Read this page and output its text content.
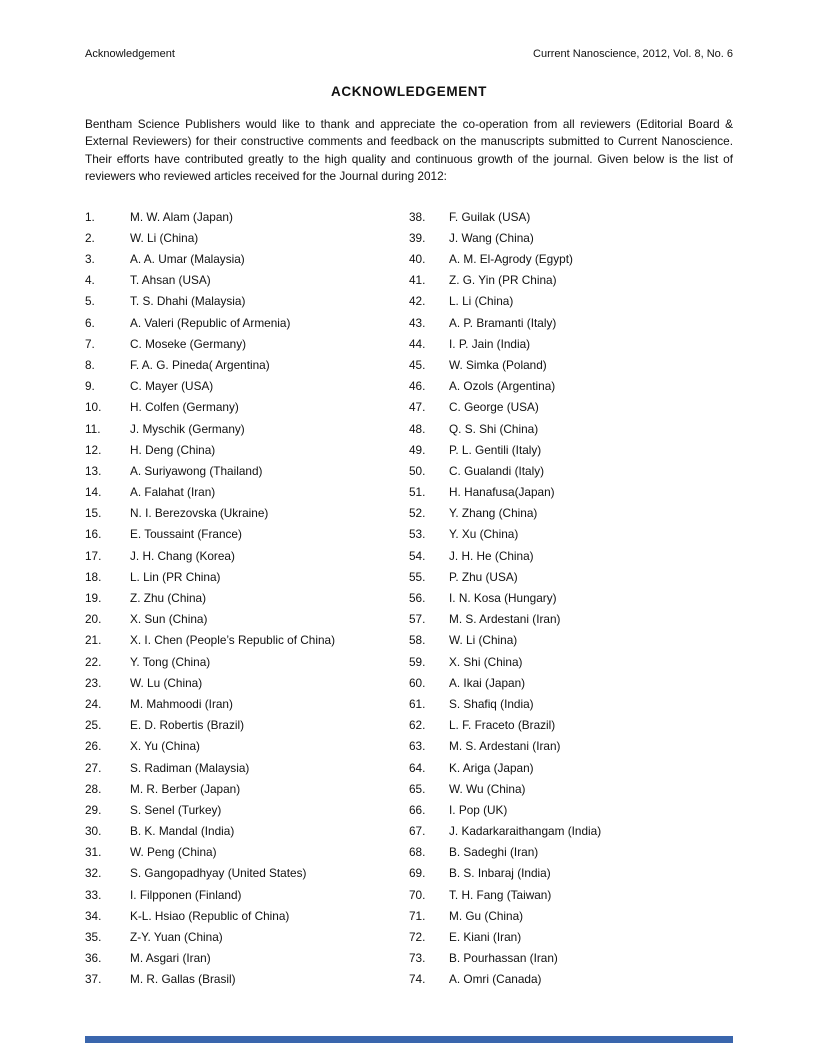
Acknowledgement	Current Nanoscience, 2012, Vol. 8, No. 6
ACKNOWLEDGEMENT

Bentham Science Publishers would like to thank and appreciate the co-operation from all reviewers (Editorial Board & External Reviewers) for their constructive comments and feedback on the manuscripts submitted to Current Nanoscience. Their efforts have contributed greatly to the high quality and continuous growth of the journal. Given below is the list of reviewers who reviewed articles received for the Journal during 2012:

1.	M. W. Alam (Japan)
2.	W. Li (China)
3.	A. A. Umar (Malaysia)
4.	T. Ahsan (USA)
5.	T. S. Dhahi (Malaysia)
6.	A. Valeri (Republic of Armenia)
7.	C. Moseke (Germany)
8.	F. A. G. Pineda( Argentina)
9.	C. Mayer (USA)
10.	H. Colfen (Germany)
11.	J. Myschik (Germany)
12.	H. Deng (China)
13.	A. Suriyawong (Thailand)
14.	A. Falahat (Iran)
15.	N. I. Berezovska (Ukraine)
16.	E. Toussaint (France)
17.	J. H. Chang (Korea)
18.	L. Lin (PR China)
19.	Z. Zhu (China)
20.	X. Sun (China)
21.	X. I. Chen (People’s Republic of China)
22.	Y. Tong (China)
23.	W. Lu (China)
24.	M. Mahmoodi (Iran)
25.	E. D. Robertis (Brazil)
26.	X. Yu (China)
27.	S. Radiman (Malaysia)
28.	M. R. Berber (Japan)
29.	S. Senel (Turkey)
30.	B. K. Mandal (India)
31.	W. Peng (China)
32.	S. Gangopadhyay (United States)
33.	I. Filpponen (Finland)
34.	K-L. Hsiao (Republic of China)
35.	Z-Y. Yuan (China)
36.	M. Asgari (Iran)
37.	M. R. Gallas (Brasil)
38.	F. Guilak (USA)
39.	J. Wang (China)
40.	A. M. El-Agrody (Egypt)
41.	Z. G. Yin (PR China)
42.	L. Li (China)
43.	A. P. Bramanti (Italy)
44.	I. P. Jain (India)
45.	W. Simka (Poland)
46.	A. Ozols (Argentina)
47.	C. George (USA)
48.	Q. S. Shi (China)
49.	P. L. Gentili (Italy)
50.	C. Gualandi (Italy)
51.	H. Hanafusa(Japan)
52.	Y. Zhang (China)
53.	Y. Xu (China)
54.	J. H. He (China)
55.	P. Zhu (USA)
56.	I. N. Kosa (Hungary)
57.	M. S. Ardestani (Iran)
58.	W. Li (China)
59.	X. Shi (China)
60.	A. Ikai (Japan)
61.	S. Shafiq (India)
62.	L. F. Fraceto (Brazil)
63.	M. S. Ardestani (Iran)
64.	K. Ariga (Japan)
65.	W. Wu (China)
66.	I. Pop (UK)
67.	J. Kadarkaraithangam (India)
68.	B. Sadeghi (Iran)
69.	B. S. Inbaraj (India)
70.	T. H. Fang (Taiwan)
71.	M. Gu (China)
72.	E. Kiani (Iran)
73.	B. Pourhassan (Iran)
74.	A. Omri (Canada)
